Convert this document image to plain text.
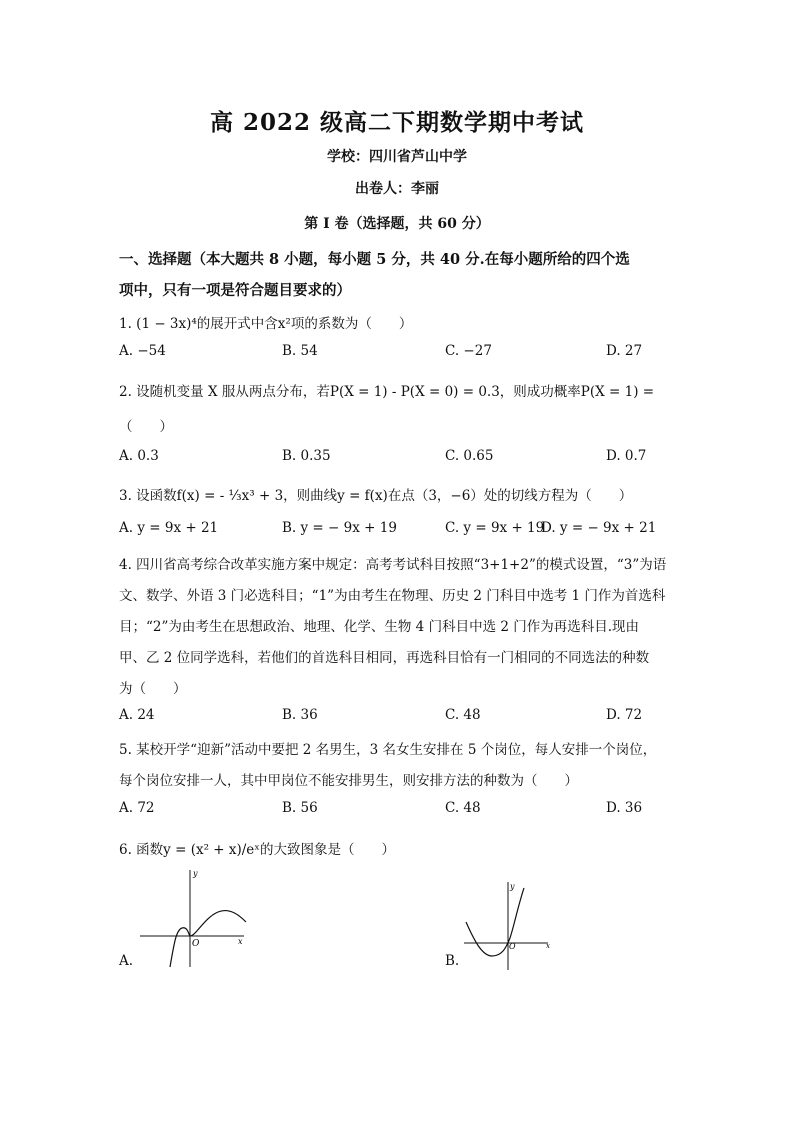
高 2022 级高二下期数学期中考试
学校：四川省芦山中学
出卷人：李丽
第 I 卷（选择题，共 60 分）
一、选择题（本大题共 8 小题，每小题 5 分，共 40 分.在每小题所给的四个选
项中，只有一项是符合题目要求的）
1. (1 − 3x)⁴的展开式中含x²项的系数为（　　）
A. −54	B. 54	C. −27	D. 27
2. 设随机变量 X 服从两点分布，若P(X = 1) - P(X = 0) = 0.3，则成功概率P(X = 1) =
（　　）
A. 0.3	B. 0.35	C. 0.65	D. 0.7
3. 设函数f(x) = - ⅓x³ + 3，则曲线y = f(x)在点（3，−6）处的切线方程为（　　）
A. y = 9x + 21	B. y = − 9x + 19	C. y = 9x + 19
D. y = − 9x + 21
4. 四川省高考综合改革实施方案中规定：高考考试科目按照“3+1+2”的模式设置，“3”为语
文、数学、外语 3 门必选科目；“1”为由考生在物理、历史 2 门科目中选考 1 门作为首选科
目；“2”为由考生在思想政治、地理、化学、生物 4 门科目中选 2 门作为再选科目.现由
甲、乙 2 位同学选科，若他们的首选科目相同，再选科目恰有一门相同的不同选法的种数
为（　　）
A. 24	B. 36	C. 48	D. 72
5. 某校开学“迎新”活动中要把 2 名男生，3 名女生安排在 5 个岗位，每人安排一个岗位，
每个岗位安排一人，其中甲岗位不能安排男生，则安排方法的种数为（　　）
A. 72	B. 56	C. 48	D. 36
6. 函数y = (x² + x)/eˣ的大致图象是（　　）
y
x
O
A.
y
x
O
B.
